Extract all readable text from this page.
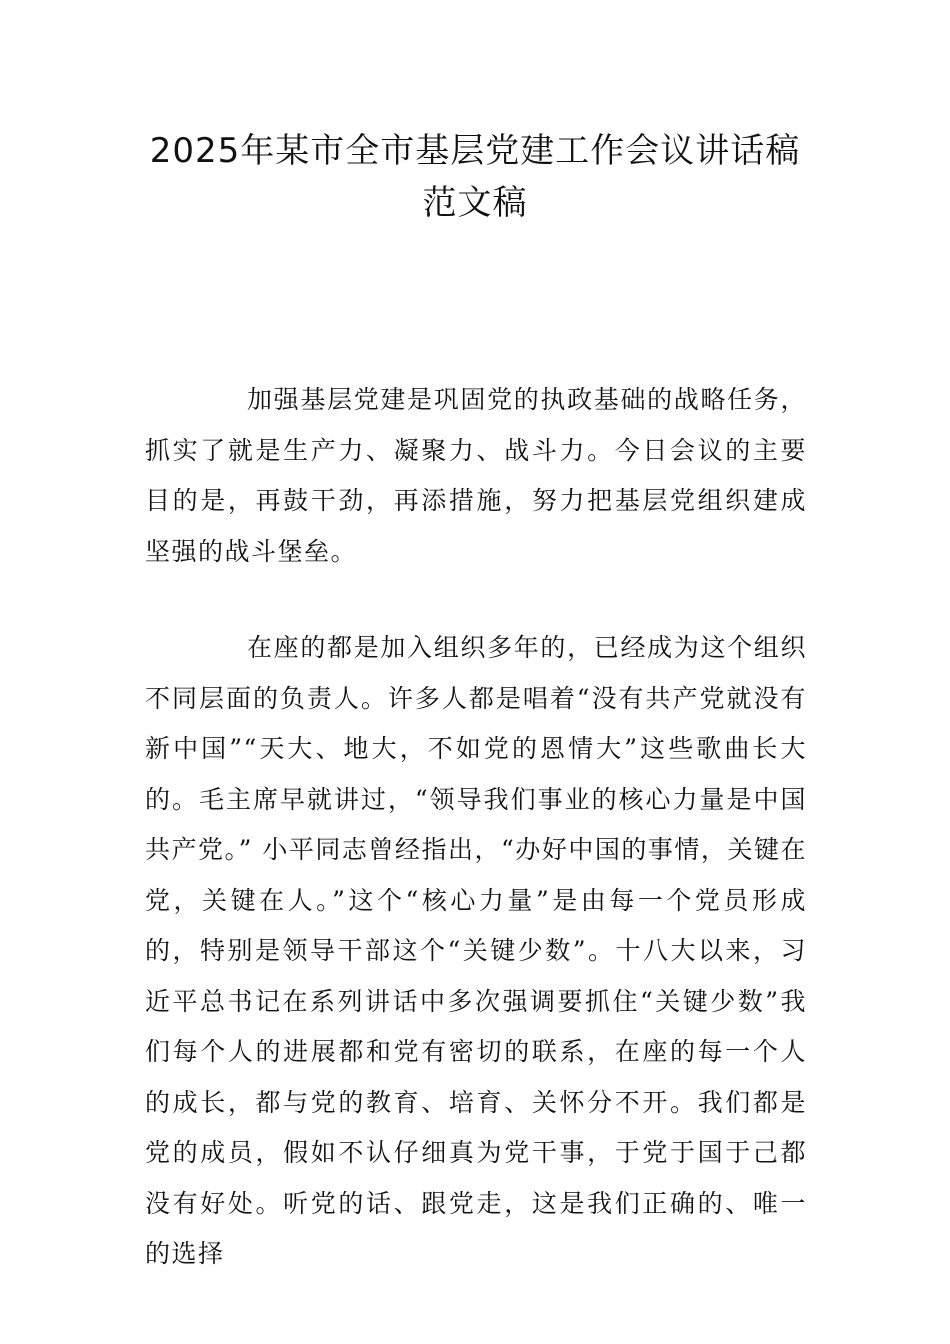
2025年某市全市基层党建工作会议讲话稿
范文稿

加强基层党建是巩固党的执政基础的战略任务，抓实了就是生产力、凝聚力、战斗力。今日会议的主要目的是，再鼓干劲，再添措施，努力把基层党组织建成坚强的战斗堡垒。

在座的都是加入组织多年的，已经成为这个组织不同层面的负责人。许多人都是唱着“没有共产党就没有新中国”“天大、地大，不如党的恩情大”这些歌曲长大的。毛主席早就讲过，“领导我们事业的核心力量是中国共产党。” 小平同志曾经指出，“办好中国的事情，关键在党，关键在人。”这个“核心力量”是由每一个党员形成的，特别是领导干部这个“关键少数”。十八大以来，习近平总书记在系列讲话中多次强调要抓住“关键少数”我们每个人的进展都和党有密切的联系，在座的每一个人的成长，都与党的教育、培育、关怀分不开。我们都是党的成员，假如不认仔细真为党干事，于党于国于己都没有好处。听党的话、跟党走，这是我们正确的、唯一的选择
